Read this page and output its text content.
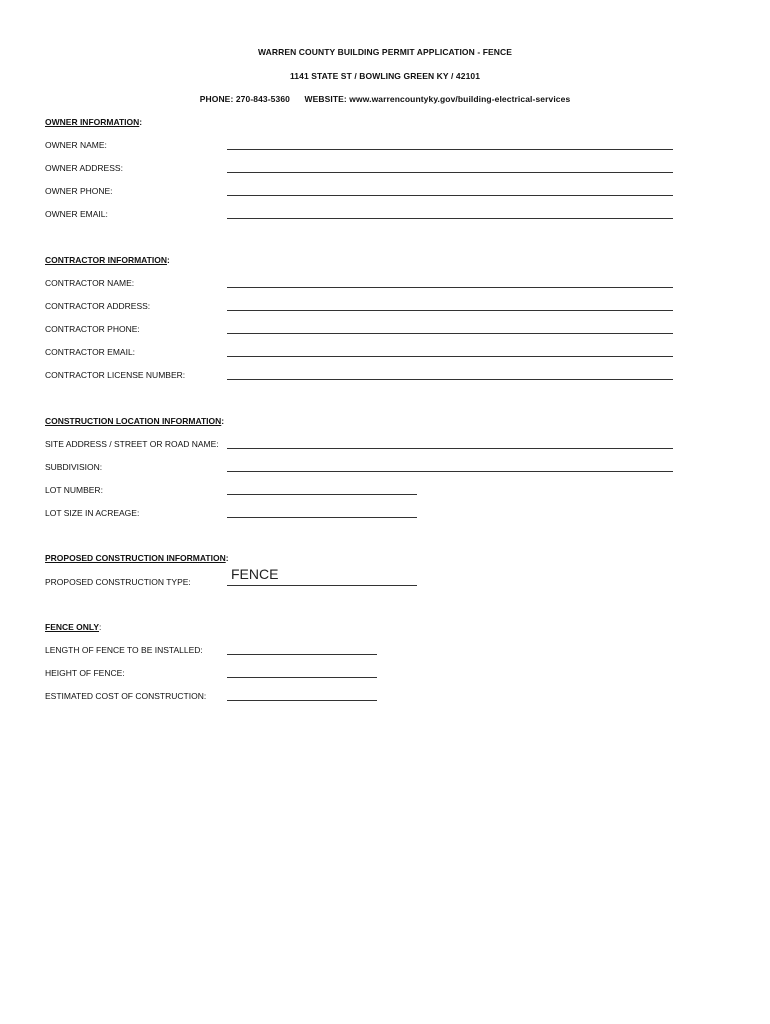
WARREN COUNTY BUILDING PERMIT APPLICATION - FENCE
1141 STATE ST / BOWLING GREEN KY / 42101
PHONE: 270-843-5360 WEBSITE: www.warrencountyky.gov/building-electrical-services
OWNER INFORMATION:
OWNER NAME:
OWNER ADDRESS:
OWNER PHONE:
OWNER EMAIL:
CONTRACTOR INFORMATION:
CONTRACTOR NAME:
CONTRACTOR ADDRESS:
CONTRACTOR PHONE:
CONTRACTOR EMAIL:
CONTRACTOR LICENSE NUMBER:
CONSTRUCTION LOCATION INFORMATION:
SITE ADDRESS / STREET OR ROAD NAME:
SUBDIVISION:
LOT NUMBER:
LOT SIZE IN ACREAGE:
PROPOSED CONSTRUCTION INFORMATION:
PROPOSED CONSTRUCTION TYPE:	FENCE
FENCE ONLY:
LENGTH OF FENCE TO BE INSTALLED:
HEIGHT OF FENCE:
ESTIMATED COST OF CONSTRUCTION:
